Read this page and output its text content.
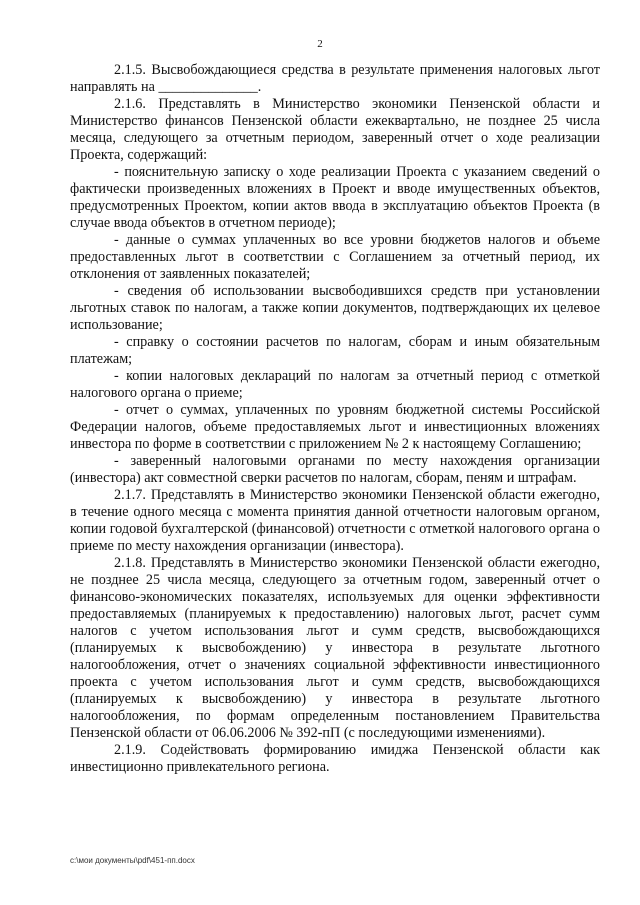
2

2.1.5. Высвобождающиеся средства в результате применения налоговых льгот направлять на ______________.

2.1.6. Представлять в Министерство экономики Пензенской области и Министерство финансов Пензенской области ежеквартально, не позднее 25 числа месяца, следующего за отчетным периодом, заверенный отчет о ходе реализации Проекта, содержащий:

- пояснительную записку о ходе реализации Проекта с указанием сведений о фактически произведенных вложениях в Проект и вводе имущественных объектов, предусмотренных Проектом, копии актов ввода в эксплуатацию объектов Проекта (в случае ввода объектов в отчетном периоде);

- данные о суммах уплаченных во все уровни бюджетов налогов и объеме предоставленных льгот в соответствии с Соглашением за отчетный период, их отклонения от заявленных показателей;

- сведения об использовании высвободившихся средств при установлении льготных ставок по налогам, а также копии документов, подтверждающих их целевое использование;

- справку о состоянии расчетов по налогам, сборам и иным обязательным платежам;

- копии налоговых деклараций по налогам за отчетный период с отметкой налогового органа о приеме;

- отчет о суммах, уплаченных по уровням бюджетной системы Российской Федерации налогов, объеме предоставляемых льгот и инвестиционных вложениях инвестора по форме в соответствии с приложением № 2 к настоящему Соглашению;

- заверенный налоговыми органами по месту нахождения организации (инвестора) акт совместной сверки расчетов по налогам, сборам, пеням и штрафам.

2.1.7. Представлять в Министерство экономики Пензенской области ежегодно, в течение одного месяца с момента принятия данной отчетности налоговым органом, копии годовой бухгалтерской (финансовой) отчетности с отметкой налогового органа о приеме по месту нахождения организации (инвестора).

2.1.8. Представлять в Министерство экономики Пензенской области ежегодно, не позднее 25 числа месяца, следующего за отчетным годом, заверенный отчет о финансово-экономических показателях, используемых для оценки эффективности предоставляемых (планируемых к предоставлению) налоговых льгот, расчет сумм налогов с учетом использования льгот и сумм средств, высвобождающихся (планируемых к высвобождению) у инвестора в результате льготного налогообложения, отчет о значениях социальной эффективности инвестиционного проекта с учетом использования льгот и сумм средств, высвобождающихся (планируемых к высвобождению) у инвестора в результате льготного налогообложения, по формам определенным постановлением Правительства Пензенской области от 06.06.2006 № 392-пП (с последующими изменениями).

2.1.9. Содействовать формированию имиджа Пензенской области как инвестиционно привлекательного региона.

c:\мои документы\pdf\451-пп.docx
